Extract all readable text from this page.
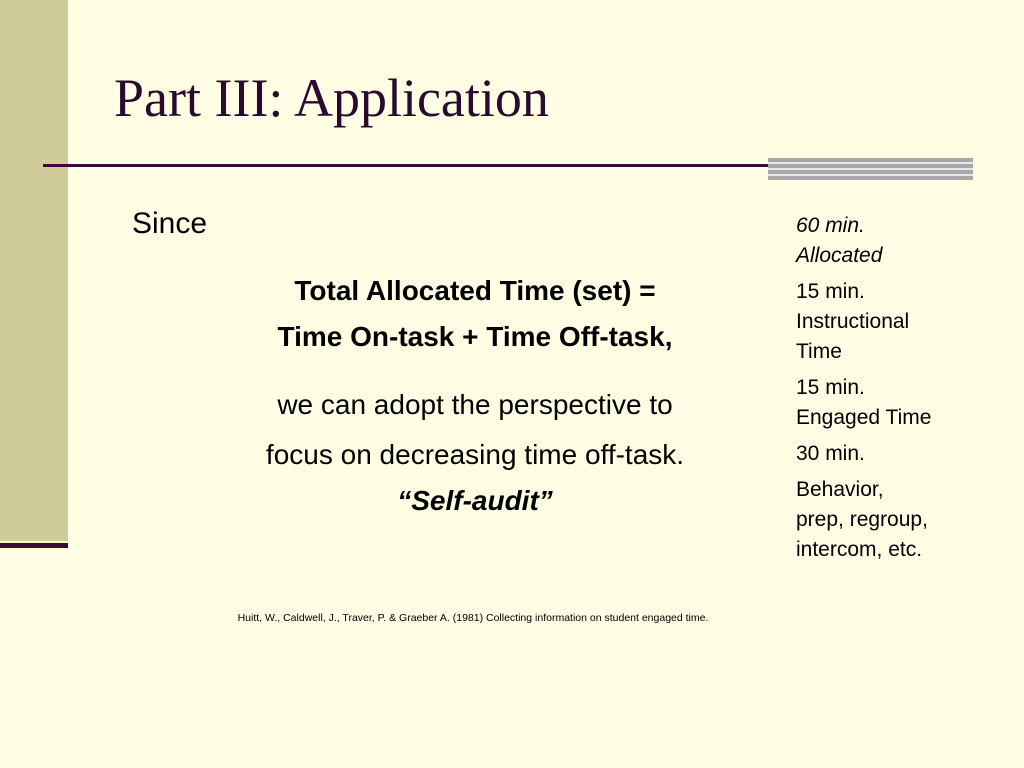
Part III: Application
Since
Total Allocated Time (set) =
Time On-task + Time Off-task,
we can adopt the perspective to
focus on decreasing time off-task.
“Self-audit”
Huitt, W., Caldwell, J., Traver, P. & Graeber A. (1981) Collecting information on student engaged time.
60 min.
Allocated
15 min.
Instructional
Time
15 min.
Engaged Time
30 min.
Behavior,
prep, regroup,
intercom, etc.
